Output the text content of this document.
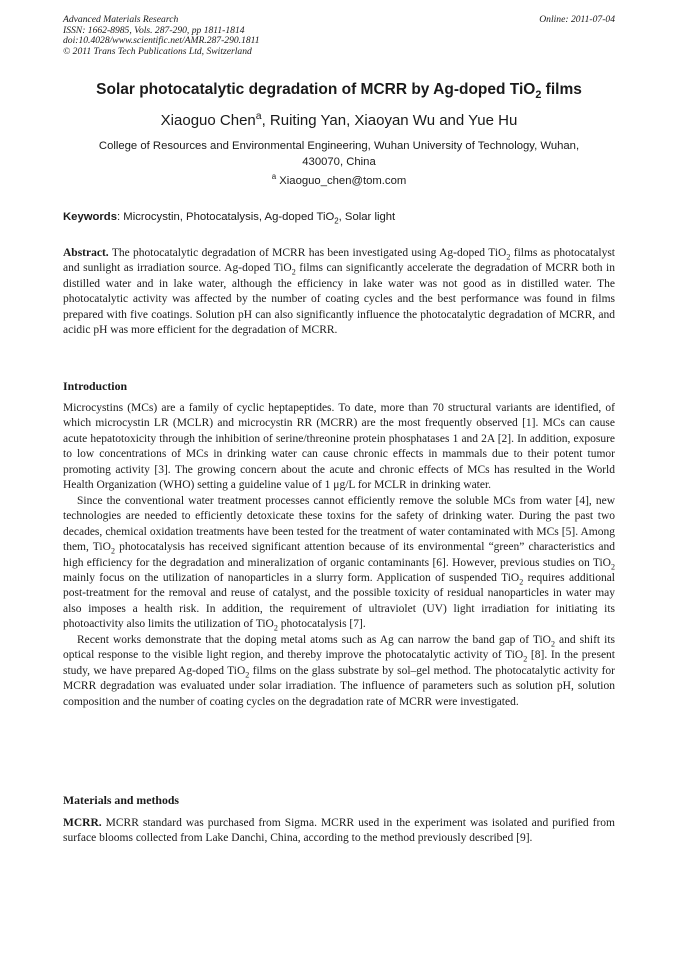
Advanced Materials Research
ISSN: 1662-8985, Vols. 287-290, pp 1811-1814
doi:10.4028/www.scientific.net/AMR.287-290.1811
© 2011 Trans Tech Publications Ltd, Switzerland
Online: 2011-07-04
Solar photocatalytic degradation of MCRR by Ag-doped TiO$_2$ films
Xiaoguo Chen$^a$, Ruiting Yan, Xiaoyan Wu and Yue Hu
College of Resources and Environmental Engineering, Wuhan University of Technology, Wuhan,
430070, China
$^a$ Xiaoguo_chen@tom.com
Keywords: Microcystin, Photocatalysis, Ag-doped TiO$_2$, Solar light
Abstract. The photocatalytic degradation of MCRR has been investigated using Ag-doped TiO$_2$ films as photocatalyst and sunlight as irradiation source. Ag-doped TiO$_2$ films can significantly accelerate the degradation of MCRR both in distilled water and in lake water, although the efficiency in lake water was not good as in distilled water. The photocatalytic activity was affected by the number of coating cycles and the best performance was found in films prepared with five coatings. Solution pH can also significantly influence the photocatalytic degradation of MCRR, and acidic pH was more efficient for the degradation of MCRR.
Introduction

Microcystins (MCs) are a family of cyclic heptapeptides. To date, more than 70 structural variants are identified, of which microcystin LR (MCLR) and microcystin RR (MCRR) are the most frequently observed [1]. MCs can cause acute hepatotoxicity through the inhibition of serine/threonine protein phosphatases 1 and 2A [2]. In addition, exposure to low concentrations of MCs in drinking water can cause chronic effects in mammals due to their potent tumor promoting activity [3]. The growing concern about the acute and chronic effects of MCs has resulted in the World Health Organization (WHO) setting a guideline value of 1 μg/L for MCLR in drinking water.

Since the conventional water treatment processes cannot efficiently remove the soluble MCs from water [4], new technologies are needed to efficiently detoxicate these toxins for the safety of drinking water. During the past two decades, chemical oxidation treatments have been tested for the treatment of water contaminated with MCs [5]. Among them, TiO$_2$ photocatalysis has received significant attention because of its environmental “green” characteristics and high efficiency for the degradation and mineralization of organic contaminants [6]. However, previous studies on TiO$_2$ mainly focus on the utilization of nanoparticles in a slurry form. Application of suspended TiO$_2$ requires additional post-treatment for the removal and reuse of catalyst, and the possible toxicity of residual nanoparticles in water may also imposes a health risk. In addition, the requirement of ultraviolet (UV) light irradiation for initiating its photoactivity also limits the utilization of TiO$_2$ photocatalysis [7].

Recent works demonstrate that the doping metal atoms such as Ag can narrow the band gap of TiO$_2$ and shift its optical response to the visible light region, and thereby improve the photocatalytic activity of TiO$_2$ [8]. In the present study, we have prepared Ag-doped TiO$_2$ films on the glass substrate by sol–gel method. The photocatalytic activity for MCRR degradation was evaluated under solar irradiation. The influence of parameters such as solution pH, solution composition and the number of coating cycles on the degradation rate of MCRR were investigated.

Materials and methods
MCRR. MCRR standard was purchased from Sigma. MCRR used in the experiment was isolated and purified from surface blooms collected from Lake Danchi, China, according to the method previously described [9].
